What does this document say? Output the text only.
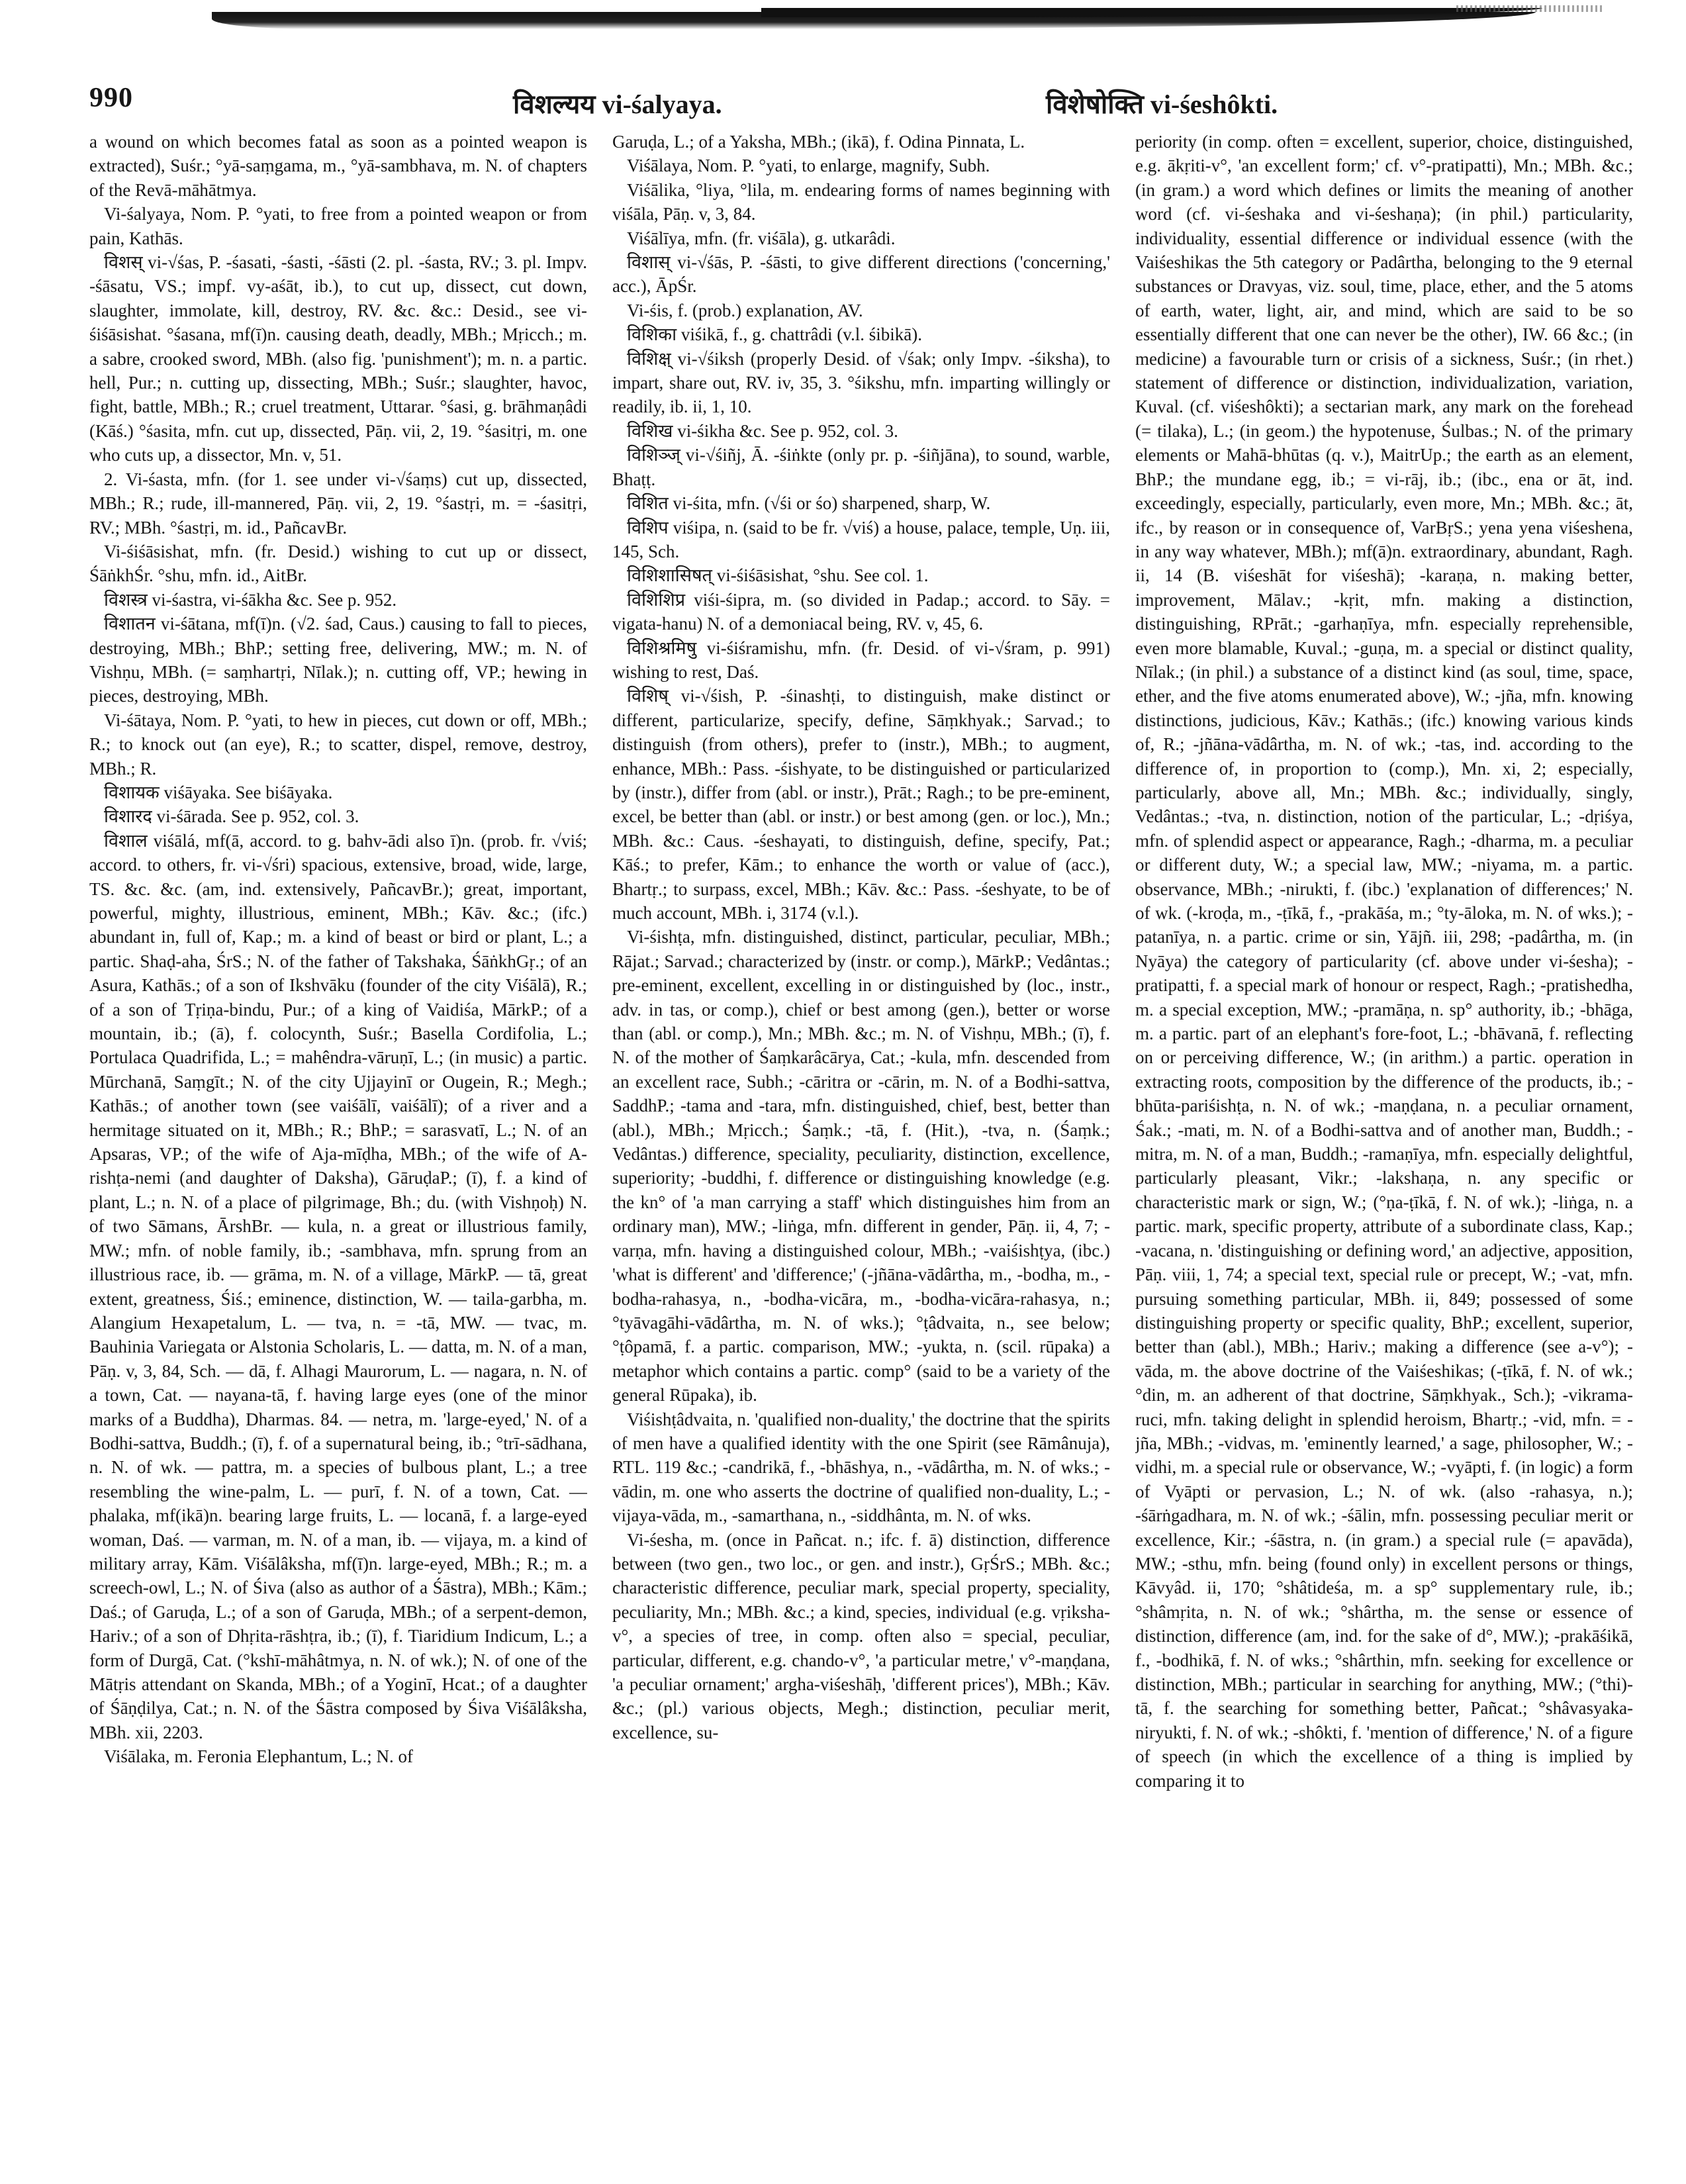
990	विशल्यय vi-śalyaya.	विशेषोक्ति vi-śeshôkti.

a wound on which becomes fatal as soon as a pointed weapon is extracted), Suśr.; °yā-saṃgama, m., °yā-sambhava, m. N. of chapters of the Revā-māhātmya.

Vi-śalyaya, Nom. P. °yati, to free from a pointed weapon or from pain, Kathās.

विशस् vi-√śas, P. -śasati, -śasti, -śāsti (2. pl. -śasta, RV.; 3. pl. Impv. -śāsatu, VS.; impf. vy-aśāt, ib.), to cut up, dissect, cut down, slaughter, immolate, kill, destroy, RV. &c. &c.: Desid., see vi-śiśāsishat. °śasana, mf(ī)n. causing death, deadly, MBh.; Mṛicch.; m. a sabre, crooked sword, MBh. (also fig. 'punishment'); m. n. a partic. hell, Pur.; n. cutting up, dissecting, MBh.; Suśr.; slaughter, havoc, fight, battle, MBh.; R.; cruel treatment, Uttarar. °śasi, g. brāhmaṇâdi (Kāś.) °śasita, mfn. cut up, dissected, Pāṇ. vii, 2, 19. °śasitṛi, m. one who cuts up, a dissector, Mn. v, 51.

2. Vi-śasta, mfn. (for 1. see under vi-√śaṃs) cut up, dissected, MBh.; R.; rude, ill-mannered, Pāṇ. vii, 2, 19. °śastṛi, m. = -śasitṛi, RV.; MBh. °śastṛi, m. id., PañcavBr.

Vi-śiśāsishat, mfn. (fr. Desid.) wishing to cut up or dissect, ŚāṅkhŚr. °shu, mfn. id., AitBr.

विशस्त्र vi-śastra, vi-śākha &c. See p. 952.

विशातन vi-śātana, mf(ī)n. (√2. śad, Caus.) causing to fall to pieces, destroying, MBh.; BhP.; setting free, delivering, MW.; m. N. of Vishṇu, MBh. (= saṃhartṛi, Nīlak.); n. cutting off, VP.; hewing in pieces, destroying, MBh.

Vi-śātaya, Nom. P. °yati, to hew in pieces, cut down or off, MBh.; R.; to knock out (an eye), R.; to scatter, dispel, remove, destroy, MBh.; R.

विशायक viśāyaka. See biśāyaka.

विशारद vi-śārada. See p. 952, col. 3.

विशाल viśālá, mf(ā, accord. to g. bahv-ādi also ī)n. (prob. fr. √viś; accord. to others, fr. vi-√śri) spacious, extensive, broad, wide, large, TS. &c. &c. (am, ind. extensively, PañcavBr.); great, important, powerful, mighty, illustrious, eminent, MBh.; Kāv. &c.; (ifc.) abundant in, full of, Kap.; m. a kind of beast or bird or plant, L.; a partic. Shaḍ-aha, ŚrS.; N. of the father of Takshaka, ŚāṅkhGṛ.; of an Asura, Kathās.; of a son of Ikshvāku (founder of the city Viśālā), R.; of a son of Tṛiṇa-bindu, Pur.; of a king of Vaidiśa, MārkP.; of a mountain, ib.; (ā), f. colocynth, Suśr.; Basella Cordifolia, L.; Portulaca Quadrifida, L.; = mahêndra-vāruṇī, L.; (in music) a partic. Mūrchanā, Saṃgīt.; N. of the city Ujjayinī or Ougein, R.; Megh.; Kathās.; of another town (see vaiśālī, vaiśālī); of a river and a hermitage situated on it, MBh.; R.; BhP.; = sarasvatī, L.; N. of an Apsaras, VP.; of the wife of Aja-mīḍha, MBh.; of the wife of A-rishṭa-nemi (and daughter of Daksha), GāruḍaP.; (ī), f. a kind of plant, L.; n. N. of a place of pilgrimage, Bh.; du. (with Vishṇoḥ) N. of two Sāmans, ĀrshBr. — kula, n. a great or illustrious family, MW.; mfn. of noble family, ib.; -sambhava, mfn. sprung from an illustrious race, ib. — grāma, m. N. of a village, MārkP. — tā, great extent, greatness, Śiś.; eminence, distinction, W. — taila-garbha, m. Alangium Hexapetalum, L. — tva, n. = -tā, MW. — tvac, m. Bauhinia Variegata or Alstonia Scholaris, L. — datta, m. N. of a man, Pāṇ. v, 3, 84, Sch. — dā, f. Alhagi Maurorum, L. — nagara, n. N. of a town, Cat. — nayana-tā, f. having large eyes (one of the minor marks of a Buddha), Dharmas. 84. — netra, m. 'large-eyed,' N. of a Bodhi-sattva, Buddh.; (ī), f. of a supernatural being, ib.; °trī-sādhana, n. N. of wk. — pattra, m. a species of bulbous plant, L.; a tree resembling the wine-palm, L. — purī, f. N. of a town, Cat. — phalaka, mf(ikā)n. bearing large fruits, L. — locanā, f. a large-eyed woman, Daś. — varman, m. N. of a man, ib. — vijaya, m. a kind of military array, Kām. Viśālâksha, mf(ī)n. large-eyed, MBh.; R.; m. a screech-owl, L.; N. of Śiva (also as author of a Śāstra), MBh.; Kām.; Daś.; of Garuḍa, L.; of a son of Garuḍa, MBh.; of a serpent-demon, Hariv.; of a son of Dhṛita-rāshṭra, ib.; (ī), f. Tiaridium Indicum, L.; a form of Durgā, Cat. (°kshī-māhâtmya, n. N. of wk.); N. of one of the Mātṛis attendant on Skanda, MBh.; of a Yoginī, Hcat.; of a daughter of Śāṇḍilya, Cat.; n. N. of the Śāstra composed by Śiva Viśālâksha, MBh. xii, 2203.

Viśālaka, m. Feronia Elephantum, L.; N. of

Garuḍa, L.; of a Yaksha, MBh.; (ikā), f. Odina Pinnata, L.

Viśālaya, Nom. P. °yati, to enlarge, magnify, Subh.

Viśālika, °liya, °lila, m. endearing forms of names beginning with viśāla, Pāṇ. v, 3, 84.

Viśālīya, mfn. (fr. viśāla), g. utkarâdi.

विशास् vi-√śās, P. -śāsti, to give different directions ('concerning,' acc.), ĀpŚr.

Vi-śis, f. (prob.) explanation, AV.

विशिका viśikā, f., g. chattrâdi (v.l. śibikā).

विशिक्ष् vi-√śiksh (properly Desid. of √śak; only Impv. -śiksha), to impart, share out, RV. iv, 35, 3. °śikshu, mfn. imparting willingly or readily, ib. ii, 1, 10.

विशिख vi-śikha &c. See p. 952, col. 3.

विशिञ्ज् vi-√śiñj, Ā. -śiṅkte (only pr. p. -śiñjāna), to sound, warble, Bhaṭṭ.

विशित vi-śita, mfn. (√śi or śo) sharpened, sharp, W.

विशिप viśipa, n. (said to be fr. √viś) a house, palace, temple, Uṇ. iii, 145, Sch.

विशिशासिषत् vi-śiśāsishat, °shu. See col. 1.

विशिशिप्र viśi-śipra, m. (so divided in Padap.; accord. to Sāy. = vigata-hanu) N. of a demoniacal being, RV. v, 45, 6.

विशिश्रमिषु vi-śiśramishu, mfn. (fr. Desid. of vi-√śram, p. 991) wishing to rest, Daś.

विशिष् vi-√śish, P. -śinashṭi, to distinguish, make distinct or different, particularize, specify, define, Sāṃkhyak.; Sarvad.; to distinguish (from others), prefer to (instr.), MBh.; to augment, enhance, MBh.: Pass. -śishyate, to be distinguished or particularized by (instr.), differ from (abl. or instr.), Prāt.; Ragh.; to be pre-eminent, excel, be better than (abl. or instr.) or best among (gen. or loc.), Mn.; MBh. &c.: Caus. -śeshayati, to distinguish, define, specify, Pat.; Kāś.; to prefer, Kām.; to enhance the worth or value of (acc.), Bhartṛ.; to surpass, excel, MBh.; Kāv. &c.: Pass. -śeshyate, to be of much account, MBh. i, 3174 (v.l.).

Vi-śishṭa, mfn. distinguished, distinct, particular, peculiar, MBh.; Rājat.; Sarvad.; characterized by (instr. or comp.), MārkP.; Vedântas.; pre-eminent, excellent, excelling in or distinguished by (loc., instr., adv. in tas, or comp.), chief or best among (gen.), better or worse than (abl. or comp.), Mn.; MBh. &c.; m. N. of Vishṇu, MBh.; (ī), f. N. of the mother of Śaṃkarâcārya, Cat.; -kula, mfn. descended from an excellent race, Subh.; -cāritra or -cārin, m. N. of a Bodhi-sattva, SaddhP.; -tama and -tara, mfn. distinguished, chief, best, better than (abl.), MBh.; Mṛicch.; Śaṃk.; -tā, f. (Hit.), -tva, n. (Śaṃk.; Vedântas.) difference, speciality, peculiarity, distinction, excellence, superiority; -buddhi, f. difference or distinguishing knowledge (e.g. the kn° of 'a man carrying a staff' which distinguishes him from an ordinary man), MW.; -liṅga, mfn. different in gender, Pāṇ. ii, 4, 7; -varṇa, mfn. having a distinguished colour, MBh.; -vaiśishṭya, (ibc.) 'what is different' and 'difference;' (-jñāna-vādârtha, m., -bodha, m., -bodha-rahasya, n., -bodha-vicāra, m., -bodha-vicāra-rahasya, n.; °tyāvagāhi-vādârtha, m. N. of wks.); °ṭâdvaita, n., see below; °ṭôpamā, f. a partic. comparison, MW.; -yukta, n. (scil. rūpaka) a metaphor which contains a partic. comp° (said to be a variety of the general Rūpaka), ib.

Viśishṭâdvaita, n. 'qualified non-duality,' the doctrine that the spirits of men have a qualified identity with the one Spirit (see Rāmânuja), RTL. 119 &c.; -candrikā, f., -bhāshya, n., -vādârtha, m. N. of wks.; -vādin, m. one who asserts the doctrine of qualified non-duality, L.; -vijaya-vāda, m., -samarthana, n., -siddhânta, m. N. of wks.

Vi-śesha, m. (once in Pañcat. n.; ifc. f. ā) distinction, difference between (two gen., two loc., or gen. and instr.), GṛŚrS.; MBh. &c.; characteristic difference, peculiar mark, special property, speciality, peculiarity, Mn.; MBh. &c.; a kind, species, individual (e.g. vṛiksha-v°, a species of tree, in comp. often also = special, peculiar, particular, different, e.g. chando-v°, 'a particular metre,' v°-maṇḍana, 'a peculiar ornament;' argha-viśeshāḥ, 'different prices'), MBh.; Kāv. &c.; (pl.) various objects, Megh.; distinction, peculiar merit, excellence, su-

periority (in comp. often = excellent, superior, choice, distinguished, e.g. ākṛiti-v°, 'an excellent form;' cf. v°-pratipatti), Mn.; MBh. &c.; (in gram.) a word which defines or limits the meaning of another word (cf. vi-śeshaka and vi-śeshaṇa); (in phil.) particularity, individuality, essential difference or individual essence (with the Vaiśeshikas the 5th category or Padârtha, belonging to the 9 eternal substances or Dravyas, viz. soul, time, place, ether, and the 5 atoms of earth, water, light, air, and mind, which are said to be so essentially different that one can never be the other), IW. 66 &c.; (in medicine) a favourable turn or crisis of a sickness, Suśr.; (in rhet.) statement of difference or distinction, individualization, variation, Kuval. (cf. viśeshôkti); a sectarian mark, any mark on the forehead (= tilaka), L.; (in geom.) the hypotenuse, Śulbas.; N. of the primary elements or Mahā-bhūtas (q. v.), MaitrUp.; the earth as an element, BhP.; the mundane egg, ib.; = vi-rāj, ib.; (ibc., ena or āt, ind. exceedingly, especially, particularly, even more, Mn.; MBh. &c.; āt, ifc., by reason or in consequence of, VarBṛS.; yena yena viśeshena, in any way whatever, MBh.); mf(ā)n. extraordinary, abundant, Ragh. ii, 14 (B. viśeshāt for viśeshā); -karaṇa, n. making better, improvement, Mālav.; -kṛit, mfn. making a distinction, distinguishing, RPrāt.; -garhaṇīya, mfn. especially reprehensible, even more blamable, Kuval.; -guṇa, m. a special or distinct quality, Nīlak.; (in phil.) a substance of a distinct kind (as soul, time, space, ether, and the five atoms enumerated above), W.; -jña, mfn. knowing distinctions, judicious, Kāv.; Kathās.; (ifc.) knowing various kinds of, R.; -jñāna-vādârtha, m. N. of wk.; -tas, ind. according to the difference of, in proportion to (comp.), Mn. xi, 2; especially, particularly, above all, Mn.; MBh. &c.; individually, singly, Vedântas.; -tva, n. distinction, notion of the particular, L.; -dṛiśya, mfn. of splendid aspect or appearance, Ragh.; -dharma, m. a peculiar or different duty, W.; a special law, MW.; -niyama, m. a partic. observance, MBh.; -nirukti, f. (ibc.) 'explanation of differences;' N. of wk. (-kroḍa, m., -ṭīkā, f., -prakāśa, m.; °ty-āloka, m. N. of wks.); -patanīya, n. a partic. crime or sin, Yājñ. iii, 298; -padârtha, m. (in Nyāya) the category of particularity (cf. above under vi-śesha); -pratipatti, f. a special mark of honour or respect, Ragh.; -pratishedha, m. a special exception, MW.; -pramāṇa, n. sp° authority, ib.; -bhāga, m. a partic. part of an elephant's fore-foot, L.; -bhāvanā, f. reflecting on or perceiving difference, W.; (in arithm.) a partic. operation in extracting roots, composition by the difference of the products, ib.; -bhūta-pariśishṭa, n. N. of wk.; -maṇḍana, n. a peculiar ornament, Śak.; -mati, m. N. of a Bodhi-sattva and of another man, Buddh.; -mitra, m. N. of a man, Buddh.; -ramaṇīya, mfn. especially delightful, particularly pleasant, Vikr.; -lakshaṇa, n. any specific or characteristic mark or sign, W.; (°ṇa-ṭīkā, f. N. of wk.); -liṅga, n. a partic. mark, specific property, attribute of a subordinate class, Kap.; -vacana, n. 'distinguishing or defining word,' an adjective, apposition, Pāṇ. viii, 1, 74; a special text, special rule or precept, W.; -vat, mfn. pursuing something particular, MBh. ii, 849; possessed of some distinguishing property or specific quality, BhP.; excellent, superior, better than (abl.), MBh.; Hariv.; making a difference (see a-v°); -vāda, m. the above doctrine of the Vaiśeshikas; (-ṭīkā, f. N. of wk.; °din, m. an adherent of that doctrine, Sāṃkhyak., Sch.); -vikrama-ruci, mfn. taking delight in splendid heroism, Bhartṛ.; -vid, mfn. = -jña, MBh.; -vidvas, m. 'eminently learned,' a sage, philosopher, W.; -vidhi, m. a special rule or observance, W.; -vyāpti, f. (in logic) a form of Vyāpti or pervasion, L.; N. of wk. (also -rahasya, n.); -śārṅgadhara, m. N. of wk.; -śālin, mfn. possessing peculiar merit or excellence, Kir.; -śāstra, n. (in gram.) a special rule (= apavāda), MW.; -sthu, mfn. being (found only) in excellent persons or things, Kāvyâd. ii, 170; °shâtideśa, m. a sp° supplementary rule, ib.; °shâmṛita, n. N. of wk.; °shârtha, m. the sense or essence of distinction, difference (am, ind. for the sake of d°, MW.); -prakāśikā, f., -bodhikā, f. N. of wks.; °shârthin, mfn. seeking for excellence or distinction, MBh.; particular in searching for anything, MW.; (°thi)-tā, f. the searching for something better, Pañcat.; °shâvasyaka-niryukti, f. N. of wk.; -shôkti, f. 'mention of difference,' N. of a figure of speech (in which the excellence of a thing is implied by comparing it to
